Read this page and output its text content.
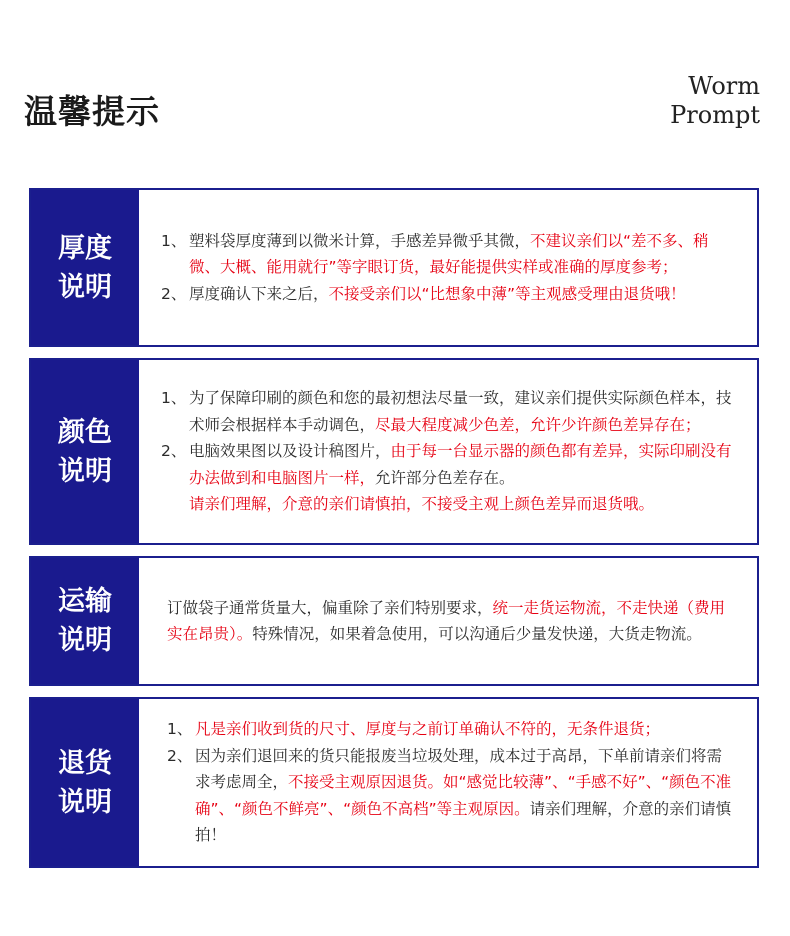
温馨提示
Worm
Prompt
厚度
说明
1、 塑料袋厚度薄到以微米计算，手感差异微乎其微，不建议亲们以“差不多、稍微、大概、能用就行”等字眼订货，最好能提供实样或准确的厚度参考；
2、 厚度确认下来之后，不接受亲们以“比想象中薄”等主观感受理由退货哦！
颜色
说明
1、 为了保障印刷的颜色和您的最初想法尽量一致，建议亲们提供实际颜色样本，技术师会根据样本手动调色，尽最大程度减少色差，允许少许颜色差异存在；
2、 电脑效果图以及设计稿图片，由于每一台显示器的颜色都有差异，实际印刷没有办法做到和电脑图片一样，允许部分色差存在。
请亲们理解，介意的亲们请慎拍，不接受主观上颜色差异而退货哦。
运输
说明
订做袋子通常货量大，偏重除了亲们特别要求，统一走货运物流，不走快递（费用实在昂贵）。特殊情况，如果着急使用，可以沟通后少量发快递，大货走物流。
退货
说明
1、 凡是亲们收到货的尺寸、厚度与之前订单确认不符的，无条件退货；
2、 因为亲们退回来的货只能报废当垃圾处理，成本过于高昂，下单前请亲们将需求考虑周全，不接受主观原因退货。如“感觉比较薄”、“手感不好”、“颜色不准确”、“颜色不鲜亮”、“颜色不高档”等主观原因。请亲们理解，介意的亲们请慎拍！
